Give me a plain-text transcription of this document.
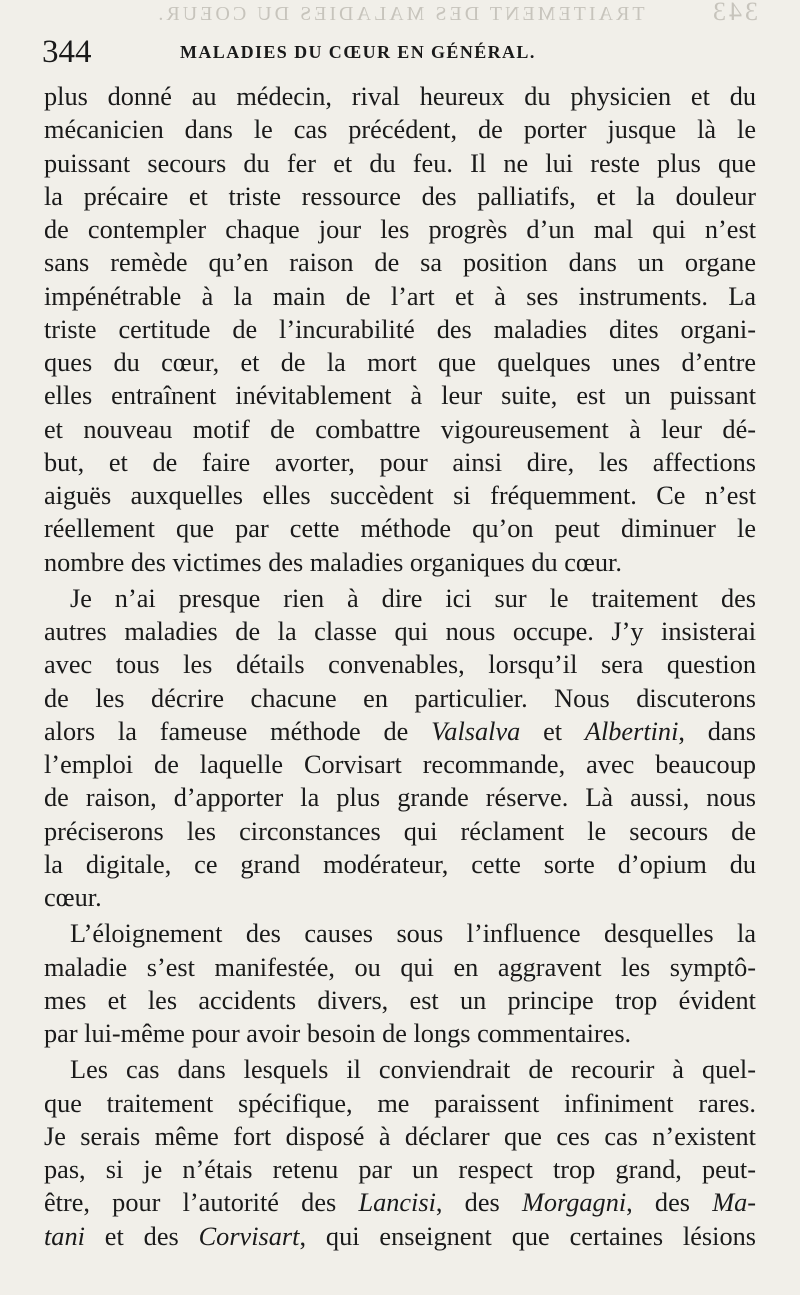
343
TRAITEMENT DES MALADIES DU COEUR.
344	MALADIES DU CŒUR EN GÉNÉRAL.
plus donné au médecin, rival heureux du physicien et du
mécanicien dans le cas précédent, de porter jusque là le
puissant secours du fer et du feu. Il ne lui reste plus que
la précaire et triste ressource des palliatifs, et la douleur
de contempler chaque jour les progrès d’un mal qui n’est
sans remède qu’en raison de sa position dans un organe
impénétrable à la main de l’art et à ses instruments. La
triste certitude de l’incurabilité des maladies dites organi-
ques du cœur, et de la mort que quelques unes d’entre
elles entraînent inévitablement à leur suite, est un puissant
et nouveau motif de combattre vigoureusement à leur dé-
but, et de faire avorter, pour ainsi dire, les affections
aiguës auxquelles elles succèdent si fréquemment. Ce n’est
réellement que par cette méthode qu’on peut diminuer le
nombre des victimes des maladies organiques du cœur.
Je n’ai presque rien à dire ici sur le traitement des
autres maladies de la classe qui nous occupe. J’y insisterai
avec tous les détails convenables, lorsqu’il sera question
de les décrire chacune en particulier. Nous discuterons
alors la fameuse méthode de Valsalva et Albertini, dans
l’emploi de laquelle Corvisart recommande, avec beaucoup
de raison, d’apporter la plus grande réserve. Là aussi, nous
préciserons les circonstances qui réclament le secours de
la digitale, ce grand modérateur, cette sorte d’opium du
cœur.
L’éloignement des causes sous l’influence desquelles la
maladie s’est manifestée, ou qui en aggravent les symptô-
mes et les accidents divers, est un principe trop évident
par lui-même pour avoir besoin de longs commentaires.
Les cas dans lesquels il conviendrait de recourir à quel-
que traitement spécifique, me paraissent infiniment rares.
Je serais même fort disposé à déclarer que ces cas n’existent
pas, si je n’étais retenu par un respect trop grand, peut-
être, pour l’autorité des Lancisi, des Morgagni, des Ma-
tani et des Corvisart, qui enseignent que certaines lésions
